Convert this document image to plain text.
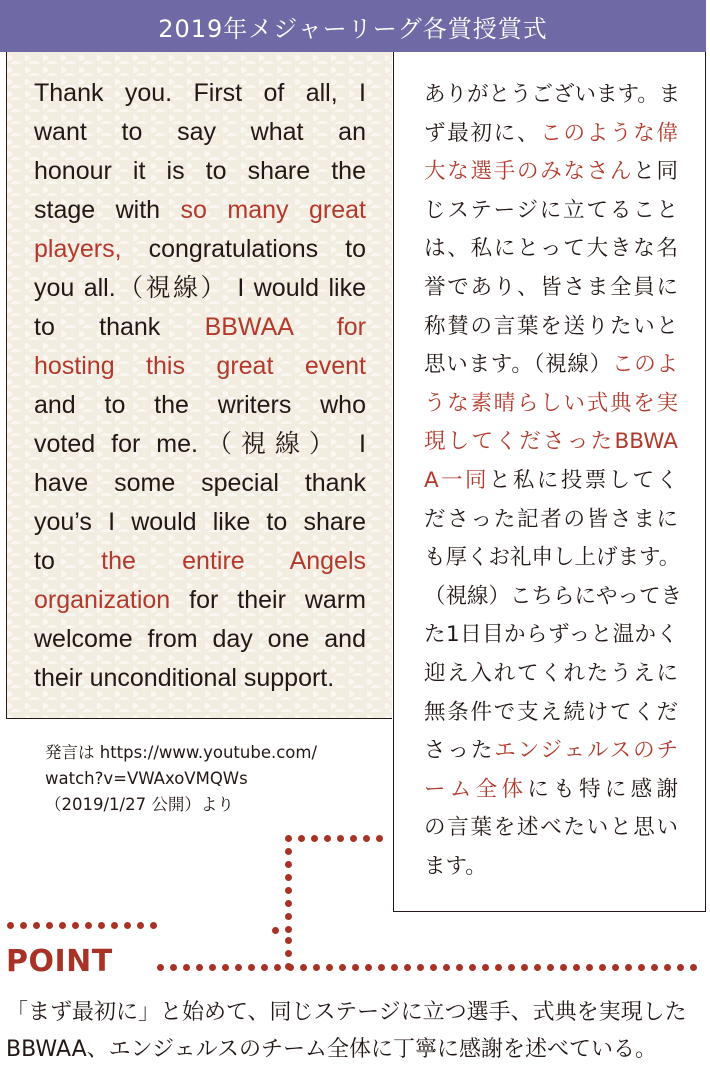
2019年メジャーリーグ各賞授賞式
Thank you. First of all, I
want to say what an
honour it is to share the
stage with so many great
players, congratulations to
you all.（視線） I would like
to thank BBWAA for
hosting this great event
and to the writers who
voted for me.（視線） I
have some special thank
you’s I would like to share
to the entire Angels
organization for their warm
welcome from day one and
their unconditional support.
ありがとうございます。ま
ず最初に、このような偉
大な選手のみなさんと同
じステージに立てること
は、私にとって大きな名
誉であり、皆さま全員に
称賛の言葉を送りたいと
思います。（視線）このよ
うな素晴らしい式典を実
現してくださったBBWA
A一同と私に投票してく
ださった記者の皆さまに
も厚くお礼申し上げます。
（視線）こちらにやってき
た1日目からずっと温かく
迎え入れてくれたうえに
無条件で支え続けてくだ
さったエンジェルスのチ
ーム全体にも特に感謝
の言葉を述べたいと思い
ます。
発言は https://www.youtube.com/
watch?v=VWAxoVMQWs
（2019/1/27 公開）より
POINT
「まず最初に」と始めて、同じステージに立つ選手、式典を実現した
BBWAA、エンジェルスのチーム全体に丁寧に感謝を述べている。
